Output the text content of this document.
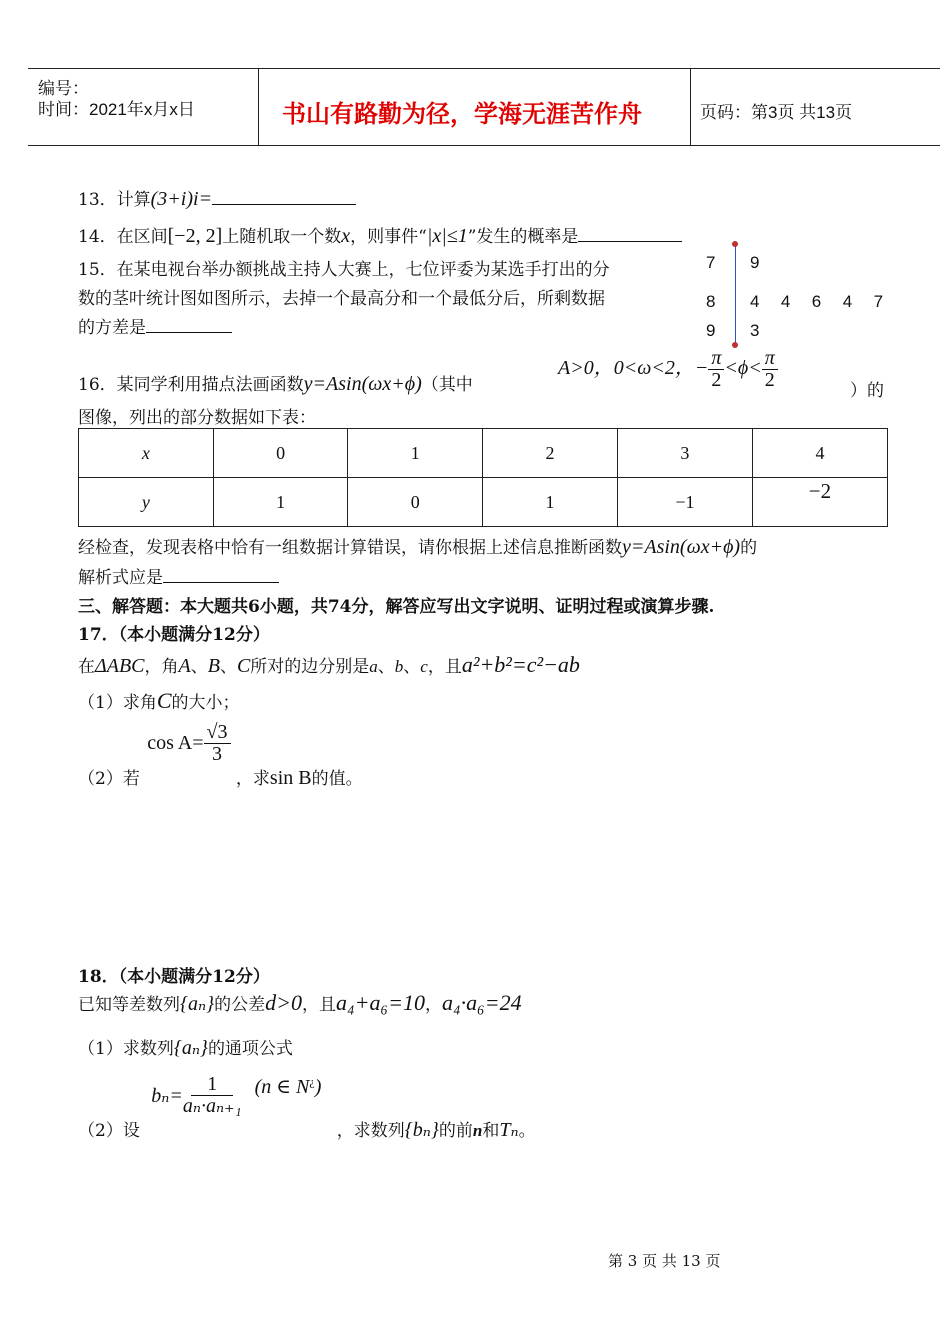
编号：
时间：2021年x月x日	书山有路勤为径，学海无涯苦作舟	页码：第3页 共13页
13．计算(3+i)i=
14．在区间[−2, 2]上随机取一个数x，则事件“|x|≤1”发生的概率是
15．在某电视台举办额挑战主持人大赛上，七位评委为某选手打出的分
数的茎叶统计图如图所示，去掉一个最高分和一个最低分后，所剩数据
的方差是
7 9
8 4  4  6  4  7
9 3
16．某同学利用描点法画函数y=Asin(ωx+ϕ)（其中
A>0，0<ω<2，− $\frac{\pi}{2} <\phi< \frac{\pi}{2}$	）的
图像，列出的部分数据如下表：
x	0	1	2	3	4
y	1	0	1	−1	−2
经检查，发现表格中恰有一组数据计算错误，请你根据上述信息推断函数y=Asin(ωx+ϕ)的
解析式应是
三、解答题：本大题共6小题，共74分，解答应写出文字说明、证明过程或演算步骤.
17．（本小题满分12分）
在ΔABC，角A、B、C所对的边分别是a、b、c，且a²+b²=c²−ab
（1）求角C的大小；
（2）若 $\cos A= \frac{√3}{3}$
，求sin B的值。
18．（本小题满分12分）
已知等差数列{aₙ}的公差d>0，且a₄+a₆=10，a₄·a₆=24
（1）求数列{aₙ}的通项公式
（2）设 $b_n= \frac{1}{\text{aₙ·aₙ₊₁}} (n$ ∈ N¿) ，求数列{bₙ}的前n和Tₙ。
第 3 页 共 13 页
